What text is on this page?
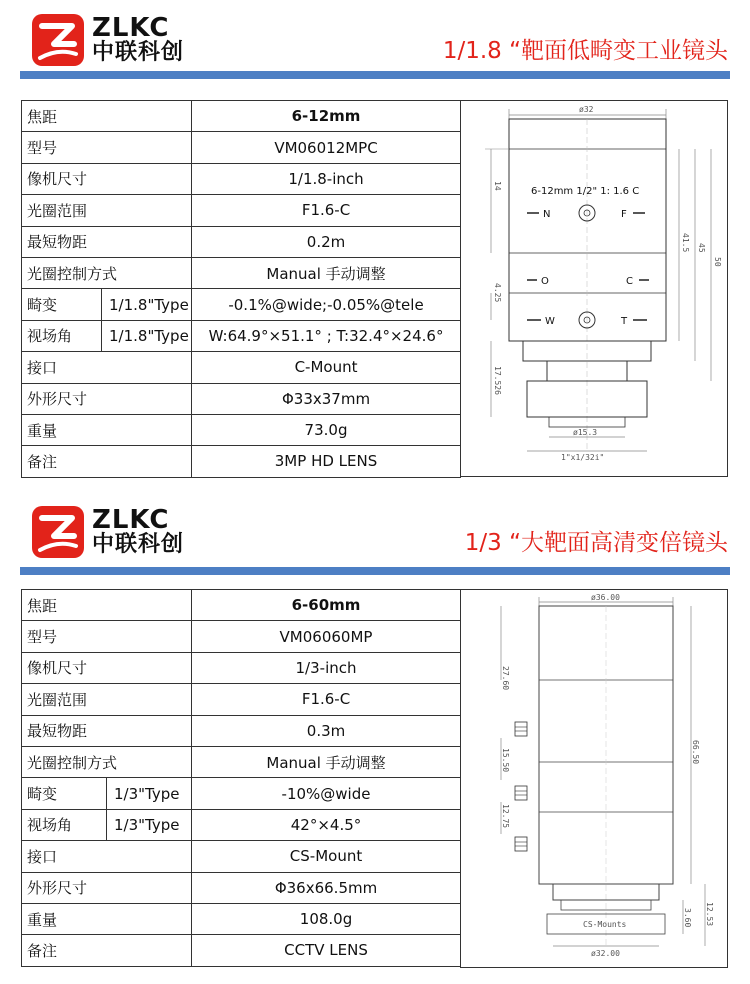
ZLKC
中联科创	1/1.8 “靶面低畸变工业镜头
焦距		6-12mm
型号		VM06012MPC
像机尺寸		1/1.8-inch
光圈范围		F1.6-C
最短物距		0.2m
光圈控制方式		Manual 手动调整
畸变	1/1.8"Type	-0.1%@wide;-0.05%@tele
视场角	1/1.8"Type	W:64.9°×51.1° ; T:32.4°×24.6°
接口		C-Mount
外形尺寸		Φ33x37mm
重量		73.0g
备注		3MP HD LENS
ø32
6-12mm 1/2" 1: 1.6 C
N	F
O	C
W	T
ø15.3
1"x1/32i"
14
4.25
17.526
41.5 45
50
ZLKC
中联科创	1/3 “大靶面高清变倍镜头
焦距		6-60mm
型号		VM06060MP
像机尺寸		1/3-inch
光圈范围		F1.6-C
最短物距		0.3m
光圈控制方式		Manual 手动调整
畸变	1/3"Type	-10%@wide
视场角	1/3"Type	42°×4.5°
接口		CS-Mount
外形尺寸		Φ36x66.5mm
重量		108.0g
备注		CCTV LENS
ø36.00
CS-Mounts
ø32.00
27.60
15.50
12.75
66.50
12.53
3.60
